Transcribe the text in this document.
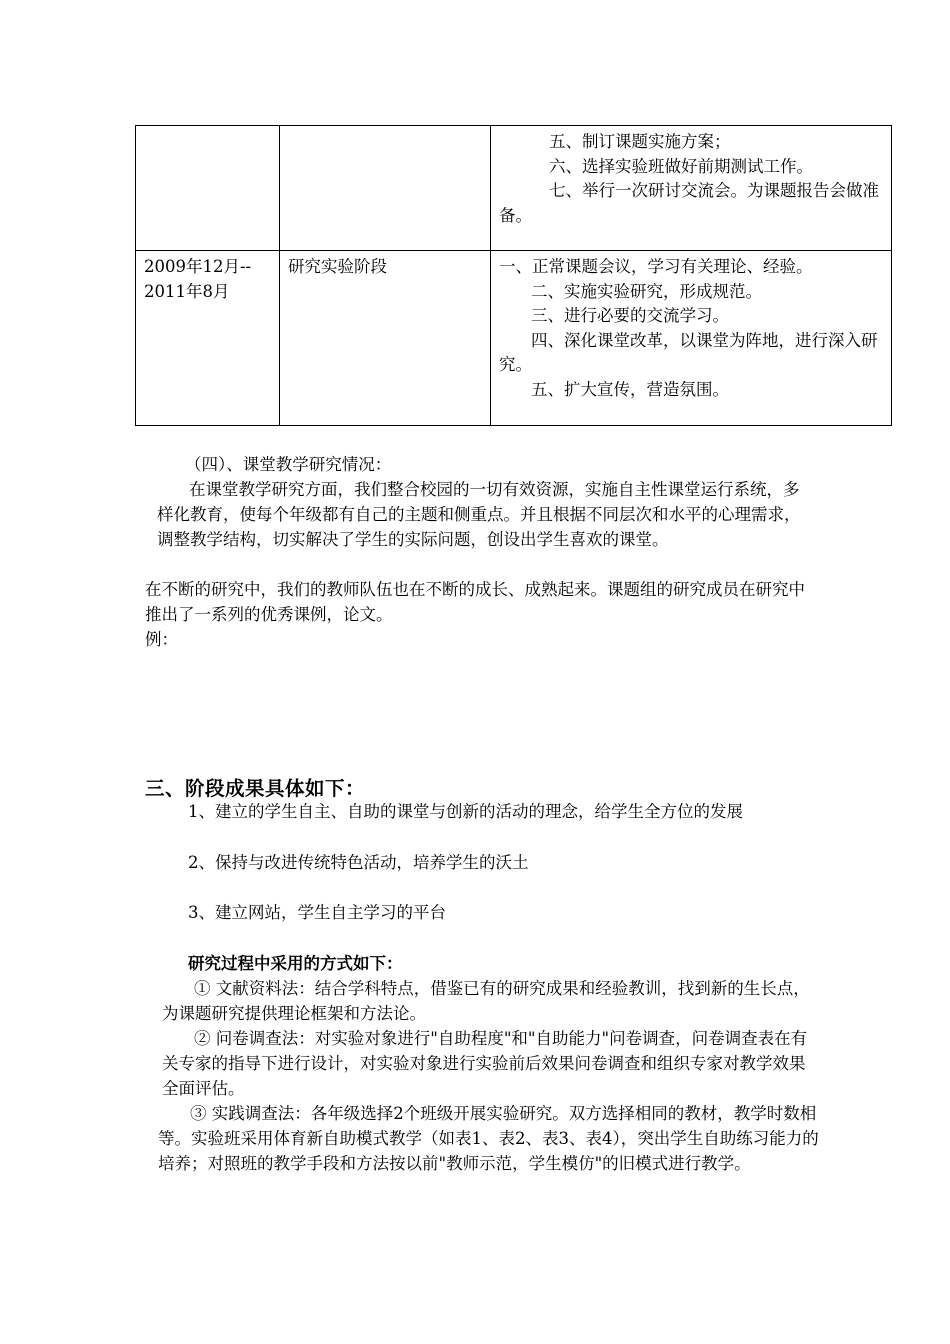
		五、制订课题实施方案；
六、选择实验班做好前期测试工作。
七、举行一次研讨交流会。为课题报告会做准备。

2009年12月--
2011年8月	研究实验阶段	一、正常课题会议，学习有关理论、经验。
二、实施实验研究，形成规范。
三、进行必要的交流学习。
四、深化课堂改革，以课堂为阵地，进行深入研究。
五、扩大宣传，营造氛围。
（四）、课堂教学研究情况：
在课堂教学研究方面，我们整合校园的一切有效资源，实施自主性课堂运行系统，多样化教育，使每个年级都有自己的主题和侧重点。并且根据不同层次和水平的心理需求，调整教学结构，切实解决了学生的实际问题，创设出学生喜欢的课堂。
在不断的研究中，我们的教师队伍也在不断的成长、成熟起来。课题组的研究成员在研究中推出了一系列的优秀课例，论文。
例：
三、阶段成果具体如下：
1、建立的学生自主、自助的课堂与创新的活动的理念，给学生全方位的发展
2、保持与改进传统特色活动，培养学生的沃土
3、建立网站，学生自主学习的平台
研究过程中采用的方式如下：
① 文献资料法：结合学科特点，借鉴已有的研究成果和经验教训，找到新的生长点，为课题研究提供理论框架和方法论。
② 问卷调查法：对实验对象进行"自助程度"和"自助能力"问卷调查，问卷调查表在有关专家的指导下进行设计，对实验对象进行实验前后效果问卷调查和组织专家对教学效果全面评估。
③ 实践调查法：各年级选择2个班级开展实验研究。双方选择相同的教材，教学时数相等。实验班采用体育新自助模式教学（如表1、表2、表3、表4），突出学生自助练习能力的培养；对照班的教学手段和方法按以前"教师示范，学生模仿"的旧模式进行教学。
